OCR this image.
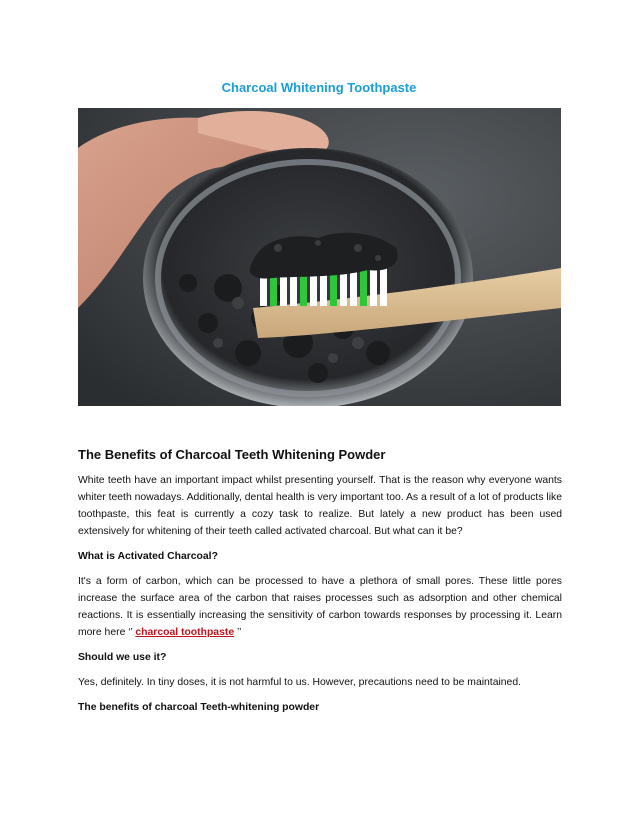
Charcoal Whitening Toothpaste
The Benefits of Charcoal Teeth Whitening Powder

White teeth have an important impact whilst presenting yourself. That is the reason why everyone wants whiter teeth nowadays. Additionally, dental health is very important too. As a result of a lot of products like toothpaste, this feat is currently a cozy task to realize. But lately a new product has been used extensively for whitening of their teeth called activated charcoal. But what can it be?

What is Activated Charcoal?

It's a form of carbon, which can be processed to have a plethora of small pores. These little pores increase the surface area of the carbon that raises processes such as adsorption and other chemical reactions. It is essentially increasing the sensitivity of carbon towards responses by processing it. Learn more here ‘’ charcoal toothpaste ’’

Should we use it?

Yes, definitely. In tiny doses, it is not harmful to us. However, precautions need to be maintained.

The benefits of charcoal Teeth-whitening powder
